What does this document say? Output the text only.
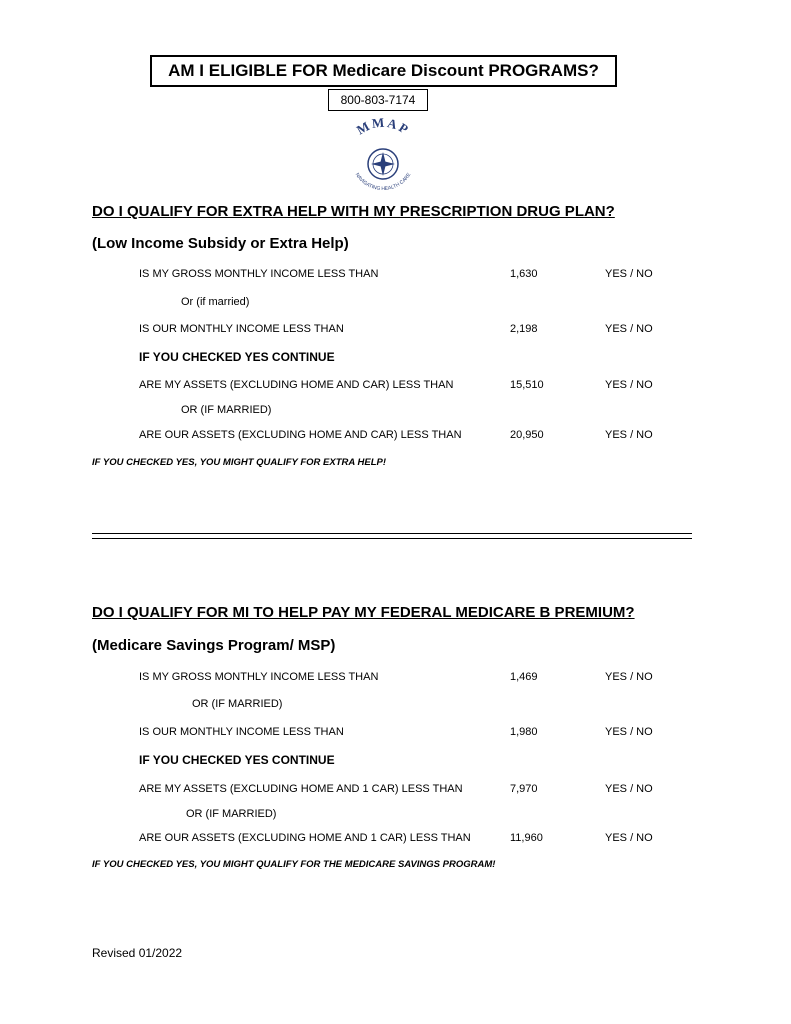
AM I ELIGIBLE FOR Medicare Discount PROGRAMS?
800-803-7174
MMAP
NAVIGATING HEALTH CARE
DO I QUALIFY FOR EXTRA HELP WITH MY PRESCRIPTION DRUG PLAN?
(Low Income Subsidy or Extra Help)
IS MY GROSS MONTHLY INCOME LESS THAN	1,630	YES / NO
Or (if married)
IS OUR MONTHLY INCOME LESS THAN	2,198	YES / NO
IF YOU CHECKED YES CONTINUE
ARE MY ASSETS (EXCLUDING HOME AND CAR) LESS THAN	15,510	YES / NO
OR (IF MARRIED)
ARE OUR ASSETS (EXCLUDING HOME AND CAR) LESS THAN	20,950	YES / NO
IF YOU CHECKED YES, YOU MIGHT QUALIFY FOR EXTRA HELP!
DO I QUALIFY FOR MI TO HELP PAY MY FEDERAL MEDICARE B PREMIUM?
(Medicare Savings Program/ MSP)
IS MY GROSS MONTHLY INCOME LESS THAN	1,469	YES / NO
OR (IF MARRIED)
IS OUR MONTHLY INCOME LESS THAN	1,980	YES / NO
IF YOU CHECKED YES CONTINUE
ARE MY ASSETS (EXCLUDING HOME AND 1 CAR) LESS THAN	7,970	YES / NO
OR (IF MARRIED)
ARE OUR ASSETS (EXCLUDING HOME AND 1 CAR) LESS THAN	11,960	YES / NO
IF YOU CHECKED YES, YOU MIGHT QUALIFY FOR THE MEDICARE SAVINGS PROGRAM!
Revised 01/2022
